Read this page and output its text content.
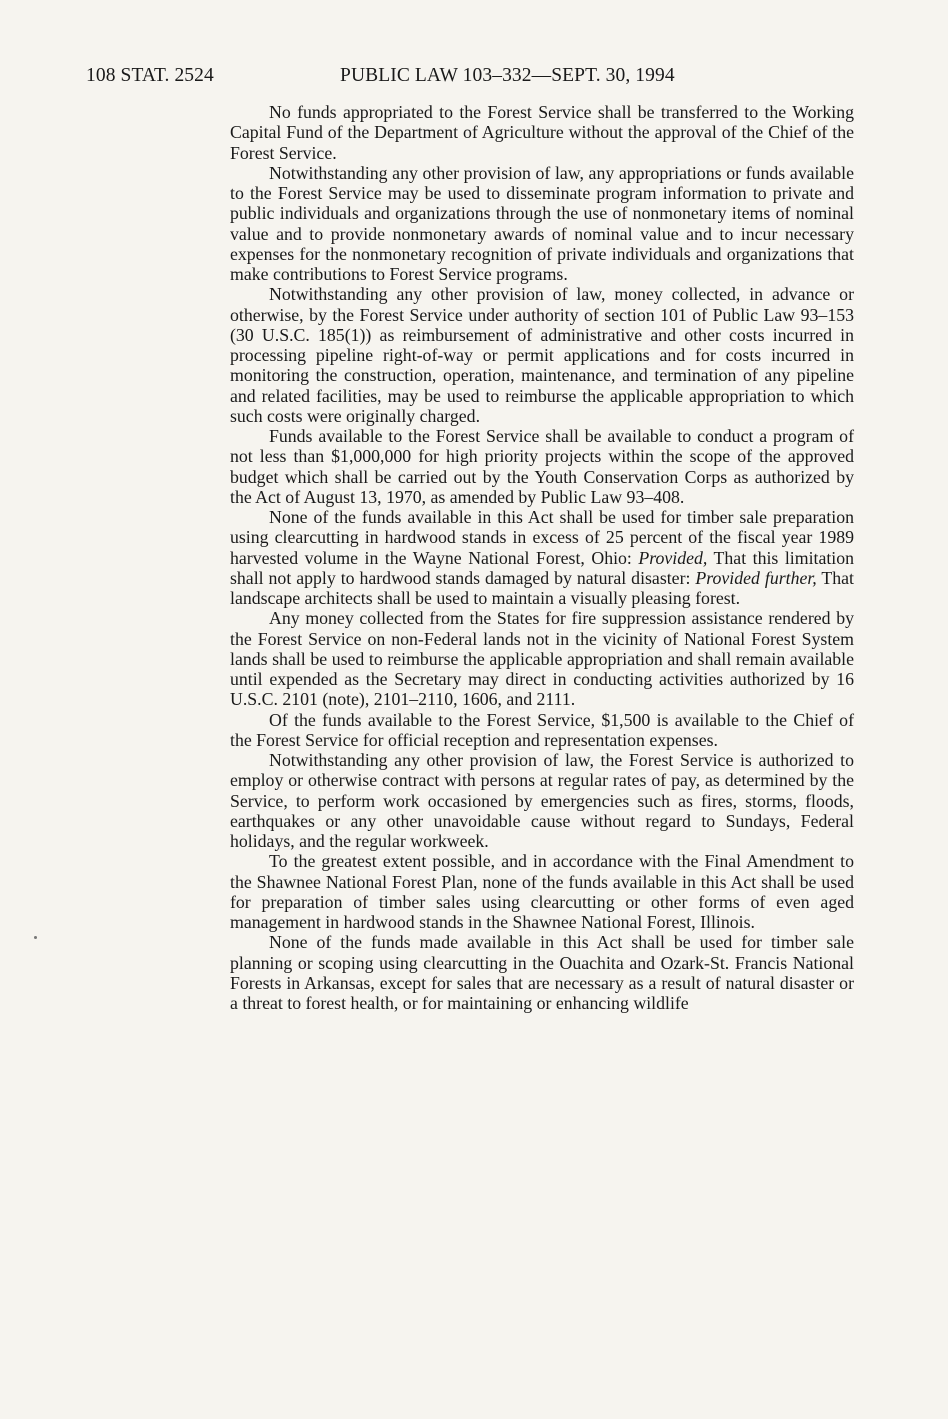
108 STAT. 2524	PUBLIC LAW 103–332—SEPT. 30, 1994

No funds appropriated to the Forest Service shall be transferred to the Working Capital Fund of the Department of Agriculture without the approval of the Chief of the Forest Service.

Notwithstanding any other provision of law, any appropriations or funds available to the Forest Service may be used to disseminate program information to private and public individuals and organizations through the use of nonmonetary items of nominal value and to provide nonmonetary awards of nominal value and to incur necessary expenses for the nonmonetary recognition of private individuals and organizations that make contributions to Forest Service programs.

Notwithstanding any other provision of law, money collected, in advance or otherwise, by the Forest Service under authority of section 101 of Public Law 93–153 (30 U.S.C. 185(1)) as reimbursement of administrative and other costs incurred in processing pipeline right-of-way or permit applications and for costs incurred in monitoring the construction, operation, maintenance, and termination of any pipeline and related facilities, may be used to reimburse the applicable appropriation to which such costs were originally charged.

Funds available to the Forest Service shall be available to conduct a program of not less than $1,000,000 for high priority projects within the scope of the approved budget which shall be carried out by the Youth Conservation Corps as authorized by the Act of August 13, 1970, as amended by Public Law 93–408.

None of the funds available in this Act shall be used for timber sale preparation using clearcutting in hardwood stands in excess of 25 percent of the fiscal year 1989 harvested volume in the Wayne National Forest, Ohio: Provided, That this limitation shall not apply to hardwood stands damaged by natural disaster: Provided further, That landscape architects shall be used to maintain a visually pleasing forest.

Any money collected from the States for fire suppression assistance rendered by the Forest Service on non-Federal lands not in the vicinity of National Forest System lands shall be used to reimburse the applicable appropriation and shall remain available until expended as the Secretary may direct in conducting activities authorized by 16 U.S.C. 2101 (note), 2101–2110, 1606, and 2111.

Of the funds available to the Forest Service, $1,500 is available to the Chief of the Forest Service for official reception and representation expenses.

Notwithstanding any other provision of law, the Forest Service is authorized to employ or otherwise contract with persons at regular rates of pay, as determined by the Service, to perform work occasioned by emergencies such as fires, storms, floods, earthquakes or any other unavoidable cause without regard to Sundays, Federal holidays, and the regular workweek.

To the greatest extent possible, and in accordance with the Final Amendment to the Shawnee National Forest Plan, none of the funds available in this Act shall be used for preparation of timber sales using clearcutting or other forms of even aged management in hardwood stands in the Shawnee National Forest, Illinois.

None of the funds made available in this Act shall be used for timber sale planning or scoping using clearcutting in the Ouachita and Ozark-St. Francis National Forests in Arkansas, except for sales that are necessary as a result of natural disaster or a threat to forest health, or for maintaining or enhancing wildlife
